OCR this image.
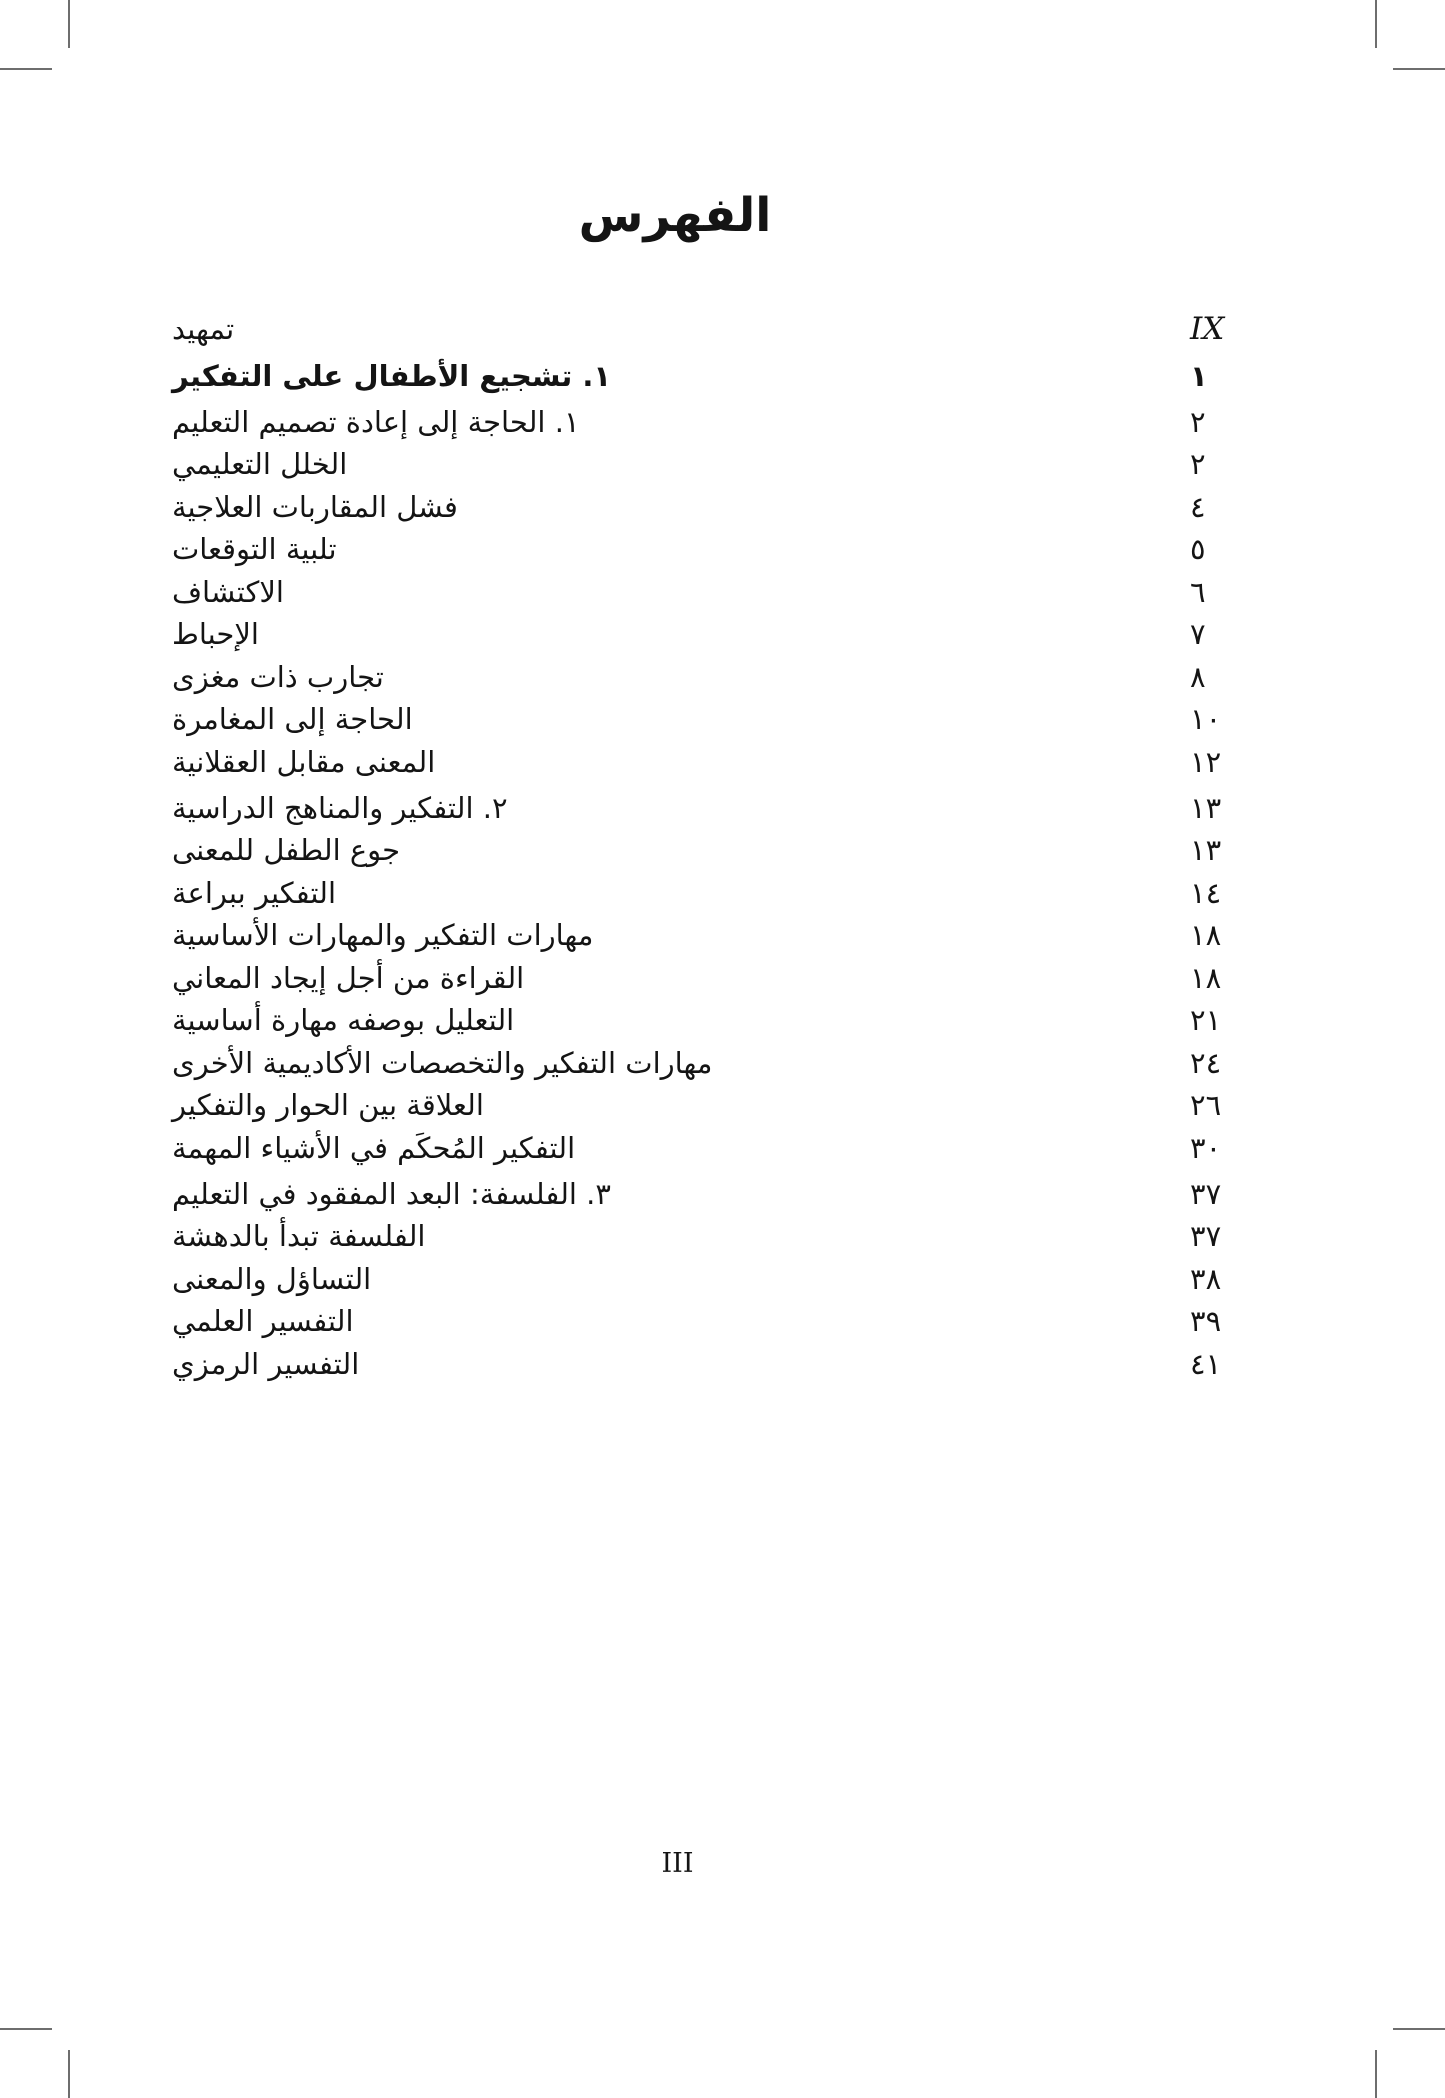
الفهرس
تمهيد	IX
١. تشجيع الأطفال على التفكير	١
١. الحاجة إلى إعادة تصميم التعليم	٢
الخلل التعليمي	٢
فشل المقاربات العلاجية	٤
تلبية التوقعات	٥
الاكتشاف	٦
الإحباط	٧
تجارب ذات مغزى	٨
الحاجة إلى المغامرة	١٠
المعنى مقابل العقلانية	١٢
٢. التفكير والمناهج الدراسية	١٣
جوع الطفل للمعنى	١٣
التفكير ببراعة	١٤
مهارات التفكير والمهارات الأساسية	١٨
القراءة من أجل إيجاد المعاني	١٨
التعليل بوصفه مهارة أساسية	٢١
مهارات التفكير والتخصصات الأكاديمية الأخرى	٢٤
العلاقة بين الحوار والتفكير	٢٦
التفكير المُحكَم في الأشياء المهمة	٣٠
٣. الفلسفة: البعد المفقود في التعليم	٣٧
الفلسفة تبدأ بالدهشة	٣٧
التساؤل والمعنى	٣٨
التفسير العلمي	٣٩
التفسير الرمزي	٤١
III
